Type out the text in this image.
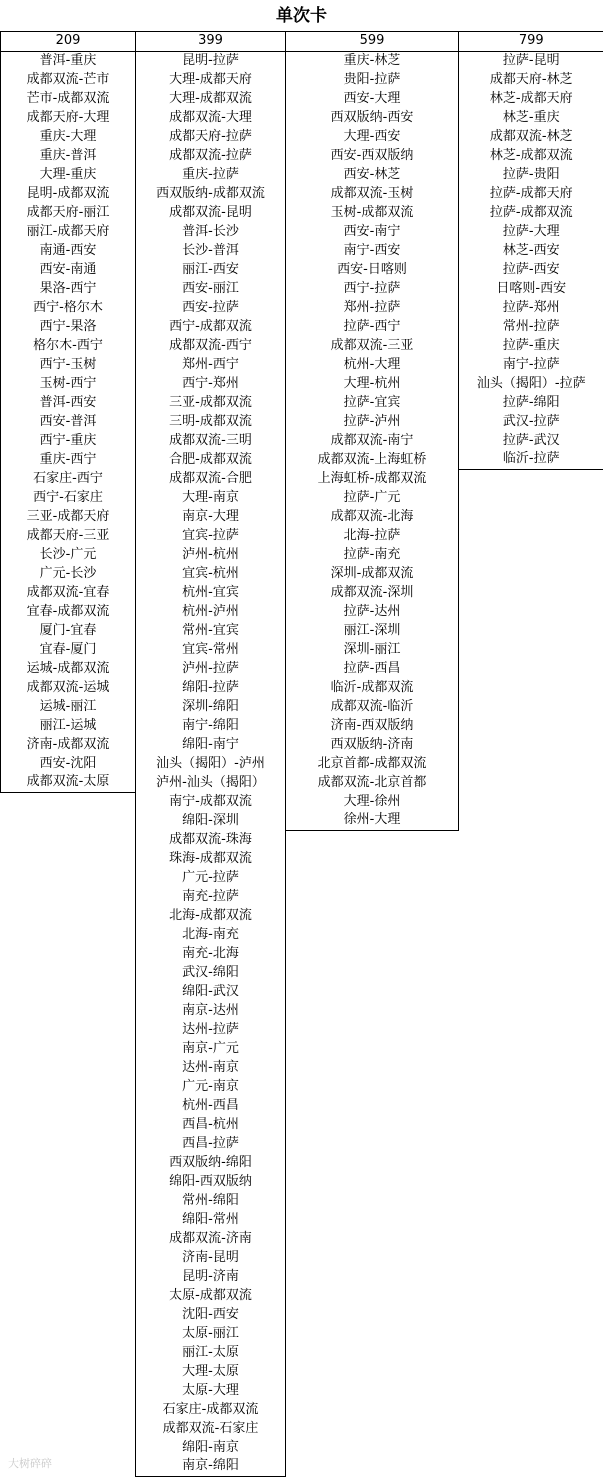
单次卡
209	399	599	799
普洱-重庆	昆明-拉萨	重庆-林芝	拉萨-昆明
成都双流-芒市	大理-成都天府	贵阳-拉萨	成都天府-林芝
芒市-成都双流	大理-成都双流	西安-大理	林芝-成都天府
成都天府-大理	成都双流-大理	西双版纳-西安	林芝-重庆
重庆-大理	成都天府-拉萨	大理-西安	成都双流-林芝
重庆-普洱	成都双流-拉萨	西安-西双版纳	林芝-成都双流
大理-重庆	重庆-拉萨	西安-林芝	拉萨-贵阳
昆明-成都双流	西双版纳-成都双流	成都双流-玉树	拉萨-成都天府
成都天府-丽江	成都双流-昆明	玉树-成都双流	拉萨-成都双流
丽江-成都天府	普洱-长沙	西安-南宁	拉萨-大理
南通-西安	长沙-普洱	南宁-西安	林芝-西安
西安-南通	丽江-西安	西安-日喀则	拉萨-西安
果洛-西宁	西安-丽江	西宁-拉萨	日喀则-西安
西宁-格尔木	西安-拉萨	郑州-拉萨	拉萨-郑州
西宁-果洛	西宁-成都双流	拉萨-西宁	常州-拉萨
格尔木-西宁	成都双流-西宁	成都双流-三亚	拉萨-重庆
西宁-玉树	郑州-西宁	杭州-大理	南宁-拉萨
玉树-西宁	西宁-郑州	大理-杭州	汕头（揭阳）-拉萨
普洱-西安	三亚-成都双流	拉萨-宜宾	拉萨-绵阳
西安-普洱	三明-成都双流	拉萨-泸州	武汉-拉萨
西宁-重庆	成都双流-三明	成都双流-南宁	拉萨-武汉
重庆-西宁	合肥-成都双流	成都双流-上海虹桥	临沂-拉萨
石家庄-西宁	成都双流-合肥	上海虹桥-成都双流	
西宁-石家庄	大理-南京	拉萨-广元	
三亚-成都天府	南京-大理	成都双流-北海	
成都天府-三亚	宜宾-拉萨	北海-拉萨	
长沙-广元	泸州-杭州	拉萨-南充	
广元-长沙	宜宾-杭州	深圳-成都双流	
成都双流-宜春	杭州-宜宾	成都双流-深圳	
宜春-成都双流	杭州-泸州	拉萨-达州	
厦门-宜春	常州-宜宾	丽江-深圳	
宜春-厦门	宜宾-常州	深圳-丽江	
运城-成都双流	泸州-拉萨	拉萨-西昌	
成都双流-运城	绵阳-拉萨	临沂-成都双流	
运城-丽江	深圳-绵阳	成都双流-临沂	
丽江-运城	南宁-绵阳	济南-西双版纳	
济南-成都双流	绵阳-南宁	西双版纳-济南	
西安-沈阳	汕头（揭阳）-泸州	北京首都-成都双流	
成都双流-太原	泸州-汕头（揭阳）	成都双流-北京首都	
	南宁-成都双流	大理-徐州	
	绵阳-深圳	徐州-大理	
	成都双流-珠海		
	珠海-成都双流		
	广元-拉萨		
	南充-拉萨		
	北海-成都双流		
	北海-南充		
	南充-北海		
	武汉-绵阳		
	绵阳-武汉		
	南京-达州		
	达州-拉萨		
	南京-广元		
	达州-南京		
	广元-南京		
	杭州-西昌		
	西昌-杭州		
	西昌-拉萨		
	西双版纳-绵阳		
	绵阳-西双版纳		
	常州-绵阳		
	绵阳-常州		
	成都双流-济南		
	济南-昆明		
	昆明-济南		
	太原-成都双流		
	沈阳-西安		
	太原-丽江		
	丽江-太原		
	大理-太原		
	太原-大理		
	石家庄-成都双流		
	成都双流-石家庄		
	绵阳-南京		
	南京-绵阳		
大树碎碎
